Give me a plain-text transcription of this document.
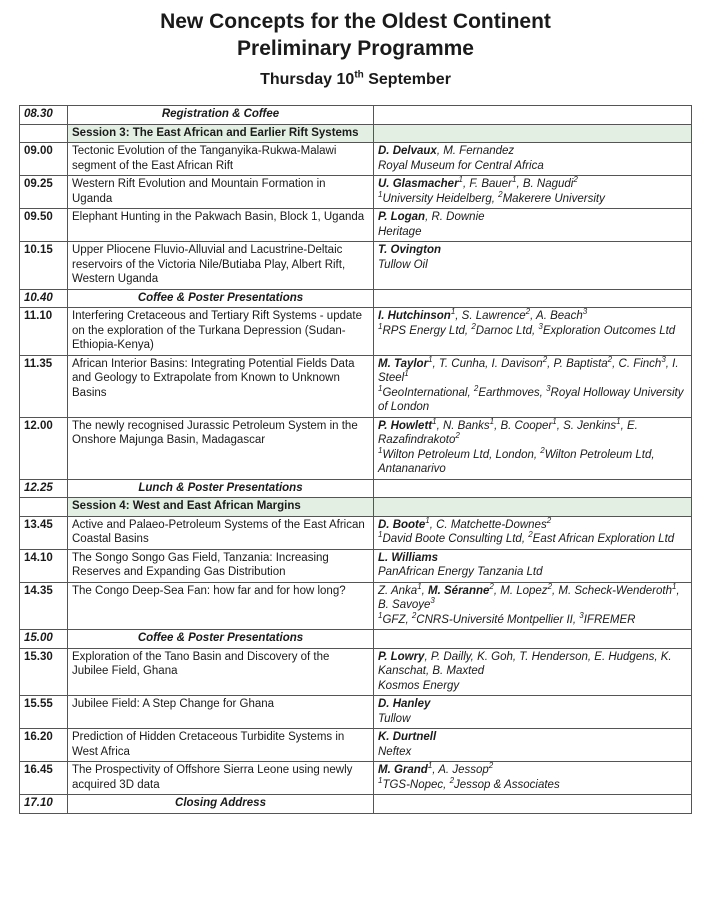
New Concepts for the Oldest Continent
Preliminary Programme
Thursday 10th September
08.30	Registration & Coffee	
	Session 3: The East African and Earlier Rift Systems	
09.00	Tectonic Evolution of the Tanganyika-Rukwa-Malawi segment of the East African Rift	D. Delvaux, M. Fernandez
Royal Museum for Central Africa

09.25	Western Rift Evolution and Mountain Formation in Uganda	U. Glasmacher$^1$, F. Bauer$^1$, B. Nagudi$^2$
$^1$University Heidelberg, $^2$Makerere University

09.50	Elephant Hunting in the Pakwach Basin, Block 1, Uganda	P. Logan, R. Downie
Heritage

10.15	Upper Pliocene Fluvio-Alluvial and Lacustrine-Deltaic reservoirs of the Victoria Nile/Butiaba Play, Albert Rift, Western Uganda	T. Ovington
Tullow Oil

10.40	Coffee & Poster Presentations	
11.10	Interfering Cretaceous and Tertiary Rift Systems - update on the exploration of the Turkana Depression (Sudan-Ethiopia-Kenya)	I. Hutchinson$^1$, S. Lawrence$^2$, A. Beach$^3$
$^1$RPS Energy Ltd, $^2$Darnoc Ltd, $^3$Exploration Outcomes Ltd

11.35	African Interior Basins: Integrating Potential Fields Data and Geology to Extrapolate from Known to Unknown Basins	M. Taylor$^1$, T. Cunha, I. Davison$^2$, P. Baptista$^2$, C. Finch$^3$, I. Steel$^1$
$^1$GeoInternational, $^2$Earthmoves, $^3$Royal Holloway University of London

12.00	The newly recognised Jurassic Petroleum System in the Onshore Majunga Basin, Madagascar	P. Howlett$^1$, N. Banks$^1$, B. Cooper$^1$, S. Jenkins$^1$, E. Razafindrakoto$^2$
$^1$Wilton Petroleum Ltd, London, $^2$Wilton Petroleum Ltd, Antananarivo

12.25	Lunch & Poster Presentations	
	Session 4: West and East African Margins	
13.45	Active and Palaeo-Petroleum Systems of the East African Coastal Basins	D. Boote$^1$, C. Matchette-Downes$^2$
$^1$David Boote Consulting Ltd, $^2$East African Exploration Ltd

14.10	The Songo Songo Gas Field, Tanzania: Increasing Reserves and Expanding Gas Distribution	L. Williams
PanAfrican Energy Tanzania Ltd

14.35	The Congo Deep-Sea Fan: how far and for how long?	Z. Anka$^1$, M. Séranne$^2$, M. Lopez$^2$, M. Scheck-Wenderoth$^1$, B. Savoye$^3$
$^1$GFZ, $^2$CNRS-Université Montpellier II, $^3$IFREMER

15.00	Coffee & Poster Presentations	
15.30	Exploration of the Tano Basin and Discovery of the Jubilee Field, Ghana	P. Lowry, P. Dailly, K. Goh, T. Henderson, E. Hudgens, K. Kanschat, B. Maxted
Kosmos Energy

15.55	Jubilee Field: A Step Change for Ghana	D. Hanley
Tullow

16.20	Prediction of Hidden Cretaceous Turbidite Systems in West Africa	K. Durtnell
Neftex

16.45	The Prospectivity of Offshore Sierra Leone using newly acquired 3D data	M. Grand$^1$, A. Jessop$^2$
$^1$TGS-Nopec, $^2$Jessop & Associates

17.10	Closing Address	
